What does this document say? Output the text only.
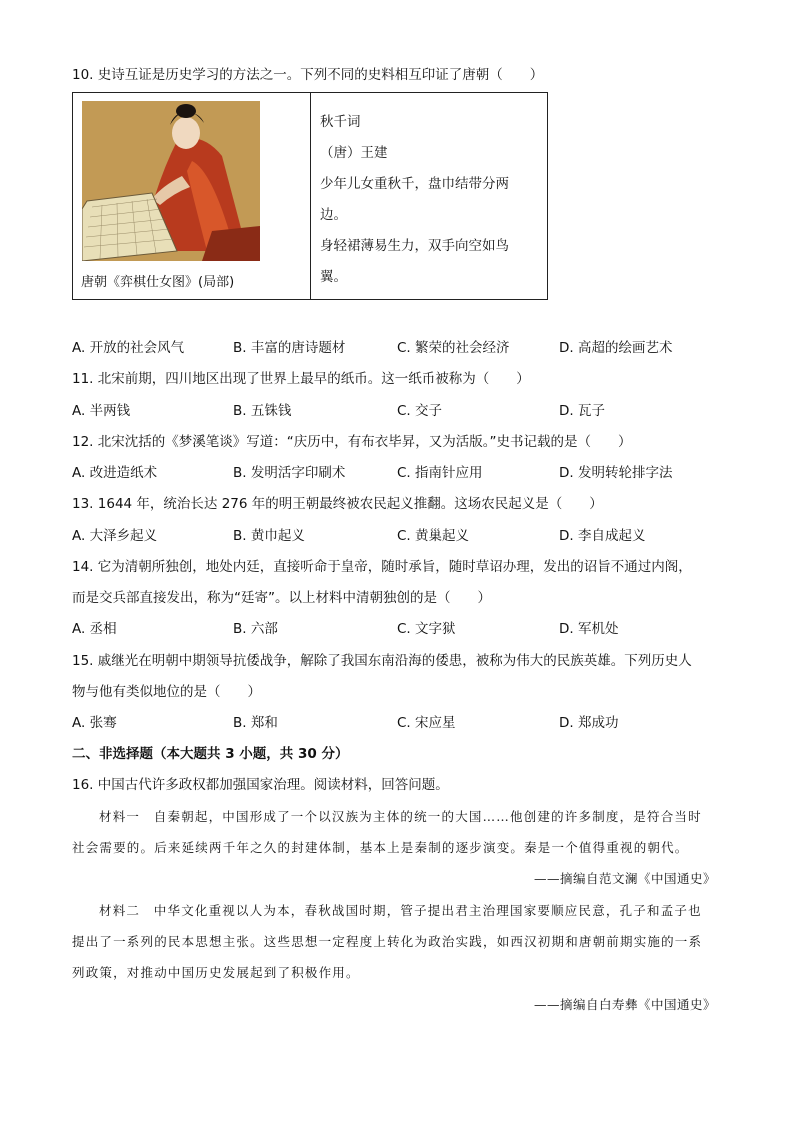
10. 史诗互证是历史学习的方法之一。下列不同的史料相互印证了唐朝（　　）
唐朝《弈棋仕女图》(局部)
秋千词
（唐）王建
少年儿女重秋千，盘巾结带分两
边。
身轻裙薄易生力，双手向空如鸟
翼。
A. 开放的社会风气	B. 丰富的唐诗题材	C. 繁荣的社会经济	D. 高超的绘画艺术
11. 北宋前期，四川地区出现了世界上最早的纸币。这一纸币被称为（　　）
A. 半两钱	B. 五铢钱	C. 交子	D. 瓦子
12. 北宋沈括的《梦溪笔谈》写道：“庆历中，有布衣毕昇，又为活版。”史书记载的是（　　）
A. 改进造纸术	B. 发明活字印刷术	C. 指南针应用	D. 发明转轮排字法
13. 1644 年，统治长达 276 年的明王朝最终被农民起义推翻。这场农民起义是（　　）
A. 大泽乡起义	B. 黄巾起义	C. 黄巢起义	D. 李自成起义
14. 它为清朝所独创，地处内廷，直接听命于皇帝，随时承旨，随时草诏办理，发出的诏旨不通过内阁，
而是交兵部直接发出，称为“廷寄”。以上材料中清朝独创的是（　　）
A. 丞相	B. 六部	C. 文字狱	D. 军机处
15. 戚继光在明朝中期领导抗倭战争，解除了我国东南沿海的倭患，被称为伟大的民族英雄。下列历史人
物与他有类似地位的是（　　）
A. 张骞	B. 郑和	C. 宋应星	D. 郑成功
二、非选择题（本大题共 3 小题，共 30 分）
16. 中国古代许多政权都加强国家治理。阅读材料，回答问题。
材料一　自秦朝起，中国形成了一个以汉族为主体的统一的大国……他创建的许多制度，是符合当时
社会需要的。后来延续两千年之久的封建体制，基本上是秦制的逐步演变。秦是一个值得重视的朝代。
——摘编自范文澜《中国通史》
材料二　中华文化重视以人为本，春秋战国时期，管子提出君主治理国家要顺应民意，孔子和孟子也
提出了一系列的民本思想主张。这些思想一定程度上转化为政治实践，如西汉初期和唐朝前期实施的一系
列政策，对推动中国历史发展起到了积极作用。
——摘编自白寿彝《中国通史》
